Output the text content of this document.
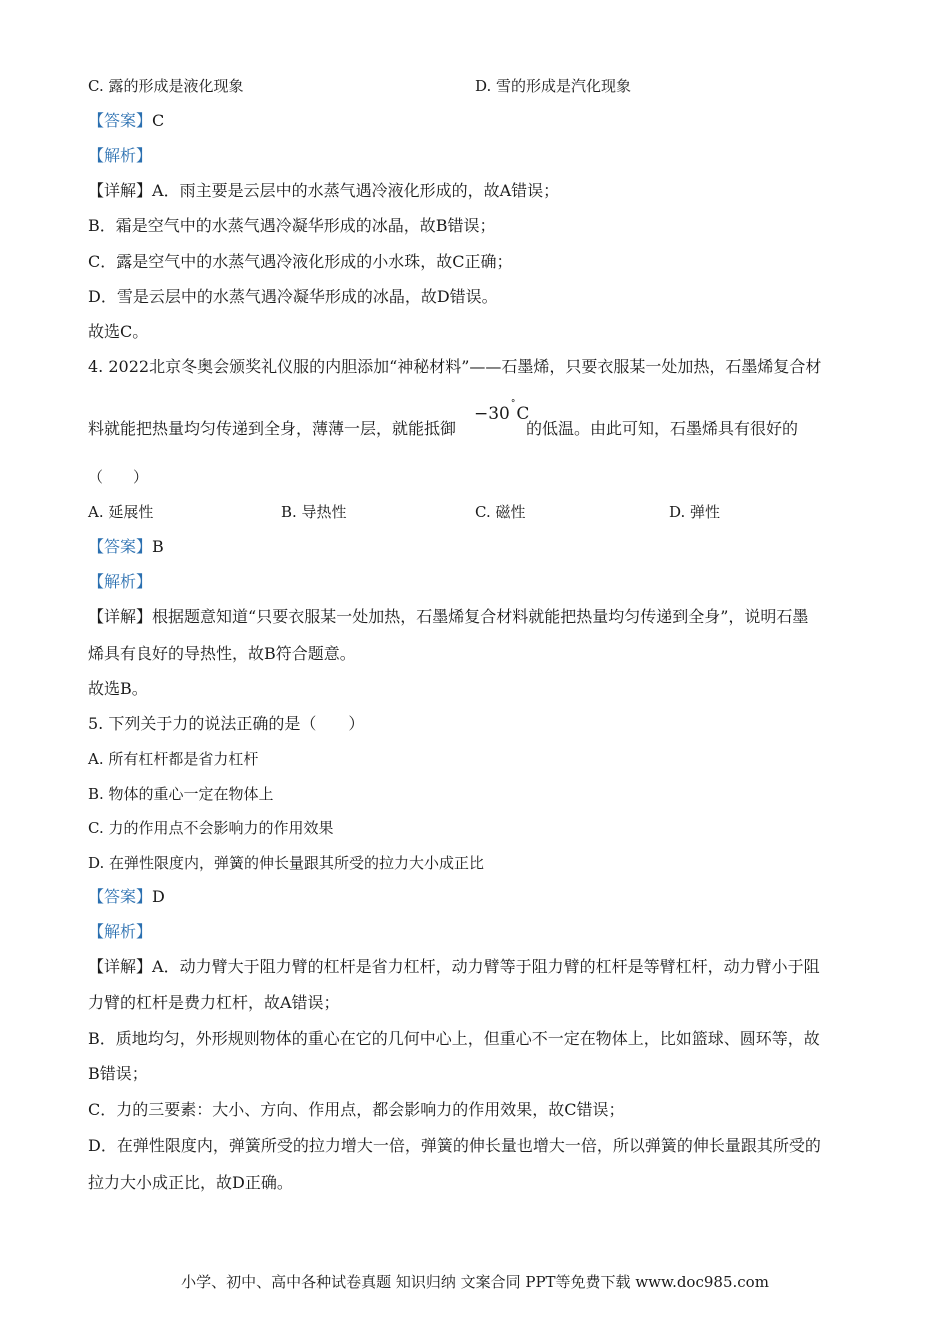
C. 露的形成是液化现象	D. 雪的形成是汽化现象
【答案】C
【解析】
【详解】A．雨主要是云层中的水蒸气遇冷液化形成的，故A错误；
B．霜是空气中的水蒸气遇冷凝华形成的冰晶，故B错误；
C．露是空气中的水蒸气遇冷液化形成的小水珠，故C正确；
D．雪是云层中的水蒸气遇冷凝华形成的冰晶，故D错误。
故选C。
4. 2022北京冬奥会颁奖礼仪服的内胆添加“神秘材料”——石墨烯，只要衣服某一处加热，石墨烯复合材
料就能把热量均匀传递到全身，薄薄一层，就能抵御
−30°C
的低温。由此可知，石墨烯具有很好的
（　　）
A. 延展性	B. 导热性	C. 磁性	D. 弹性
【答案】B
【解析】
【详解】根据题意知道“只要衣服某一处加热，石墨烯复合材料就能把热量均匀传递到全身”，说明石墨
烯具有良好的导热性，故B符合题意。
故选B。
5. 下列关于力的说法正确的是（　　）
A. 所有杠杆都是省力杠杆
B. 物体的重心一定在物体上
C. 力的作用点不会影响力的作用效果
D. 在弹性限度内，弹簧的伸长量跟其所受的拉力大小成正比
【答案】D
【解析】
【详解】A．动力臂大于阻力臂的杠杆是省力杠杆，动力臂等于阻力臂的杠杆是等臂杠杆，动力臂小于阻
力臂的杠杆是费力杠杆，故A错误；
B．质地均匀，外形规则物体的重心在它的几何中心上，但重心不一定在物体上，比如篮球、圆环等，故
B错误；
C．力的三要素：大小、方向、作用点，都会影响力的作用效果，故C错误；
D．在弹性限度内，弹簧所受的拉力增大一倍，弹簧的伸长量也增大一倍，所以弹簧的伸长量跟其所受的
拉力大小成正比，故D正确。
小学、初中、高中各种试卷真题 知识归纳 文案合同 PPT等免费下载 www.doc985.com
